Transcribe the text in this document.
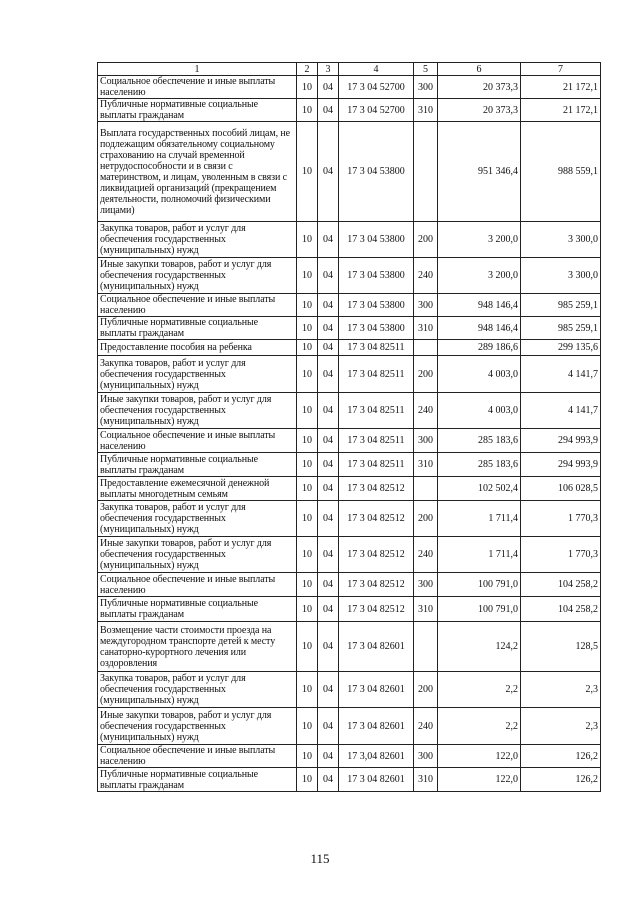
1	2	3	4	5	6	7
Социальное обеспечение и иные выплаты населению	10	04	17 3 04 52700	300	20 373,3	21 172,1
Публичные нормативные социальные выплаты гражданам	10	04	17 3 04 52700	310	20 373,3	21 172,1
Выплата государственных пособий лицам, не подлежащим обязательному социальному страхованию на случай временной нетрудоспособности и в связи с материнством, и лицам, уволенным в связи с ликвидацией организаций (прекращением деятельности, полномочий физическими лицами)	10	04	17 3 04 53800		951 346,4	988 559,1
Закупка товаров, работ и услуг для обеспечения государственных (муниципальных) нужд	10	04	17 3 04 53800	200	3 200,0	3 300,0
Иные закупки товаров, работ и услуг для обеспечения государственных (муниципальных) нужд	10	04	17 3 04 53800	240	3 200,0	3 300,0
Социальное обеспечение и иные выплаты населению	10	04	17 3 04 53800	300	948 146,4	985 259,1
Публичные нормативные социальные выплаты гражданам	10	04	17 3 04 53800	310	948 146,4	985 259,1
Предоставление пособия на ребенка	10	04	17 3 04 82511		289 186,6	299 135,6
Закупка товаров, работ и услуг для обеспечения государственных (муниципальных) нужд	10	04	17 3 04 82511	200	4 003,0	4 141,7
Иные закупки товаров, работ и услуг для обеспечения государственных (муниципальных) нужд	10	04	17 3 04 82511	240	4 003,0	4 141,7
Социальное обеспечение и иные выплаты населению	10	04	17 3 04 82511	300	285 183,6	294 993,9
Публичные нормативные социальные выплаты гражданам	10	04	17 3 04 82511	310	285 183,6	294 993,9
Предоставление ежемесячной денежной выплаты многодетным семьям	10	04	17 3 04 82512		102 502,4	106 028,5
Закупка товаров, работ и услуг для обеспечения государственных (муниципальных) нужд	10	04	17 3 04 82512	200	1 711,4	1 770,3
Иные закупки товаров, работ и услуг для обеспечения государственных (муниципальных) нужд	10	04	17 3 04 82512	240	1 711,4	1 770,3
Социальное обеспечение и иные выплаты населению	10	04	17 3 04 82512	300	100 791,0	104 258,2
Публичные нормативные социальные выплаты гражданам	10	04	17 3 04 82512	310	100 791,0	104 258,2
Возмещение части стоимости проезда на междугородном транспорте детей к месту санаторно-курортного лечения или оздоровления	10	04	17 3 04 82601		124,2	128,5
Закупка товаров, работ и услуг для обеспечения государственных (муниципальных) нужд	10	04	17 3 04 82601	200	2,2	2,3
Иные закупки товаров, работ и услуг для обеспечения государственных (муниципальных) нужд	10	04	17 3 04 82601	240	2,2	2,3
Социальное обеспечение и иные выплаты населению	10	04	17 3,04 82601	300	122,0	126,2
Публичные нормативные социальные выплаты гражданам	10	04	17 3 04 82601	310	122,0	126,2
115
